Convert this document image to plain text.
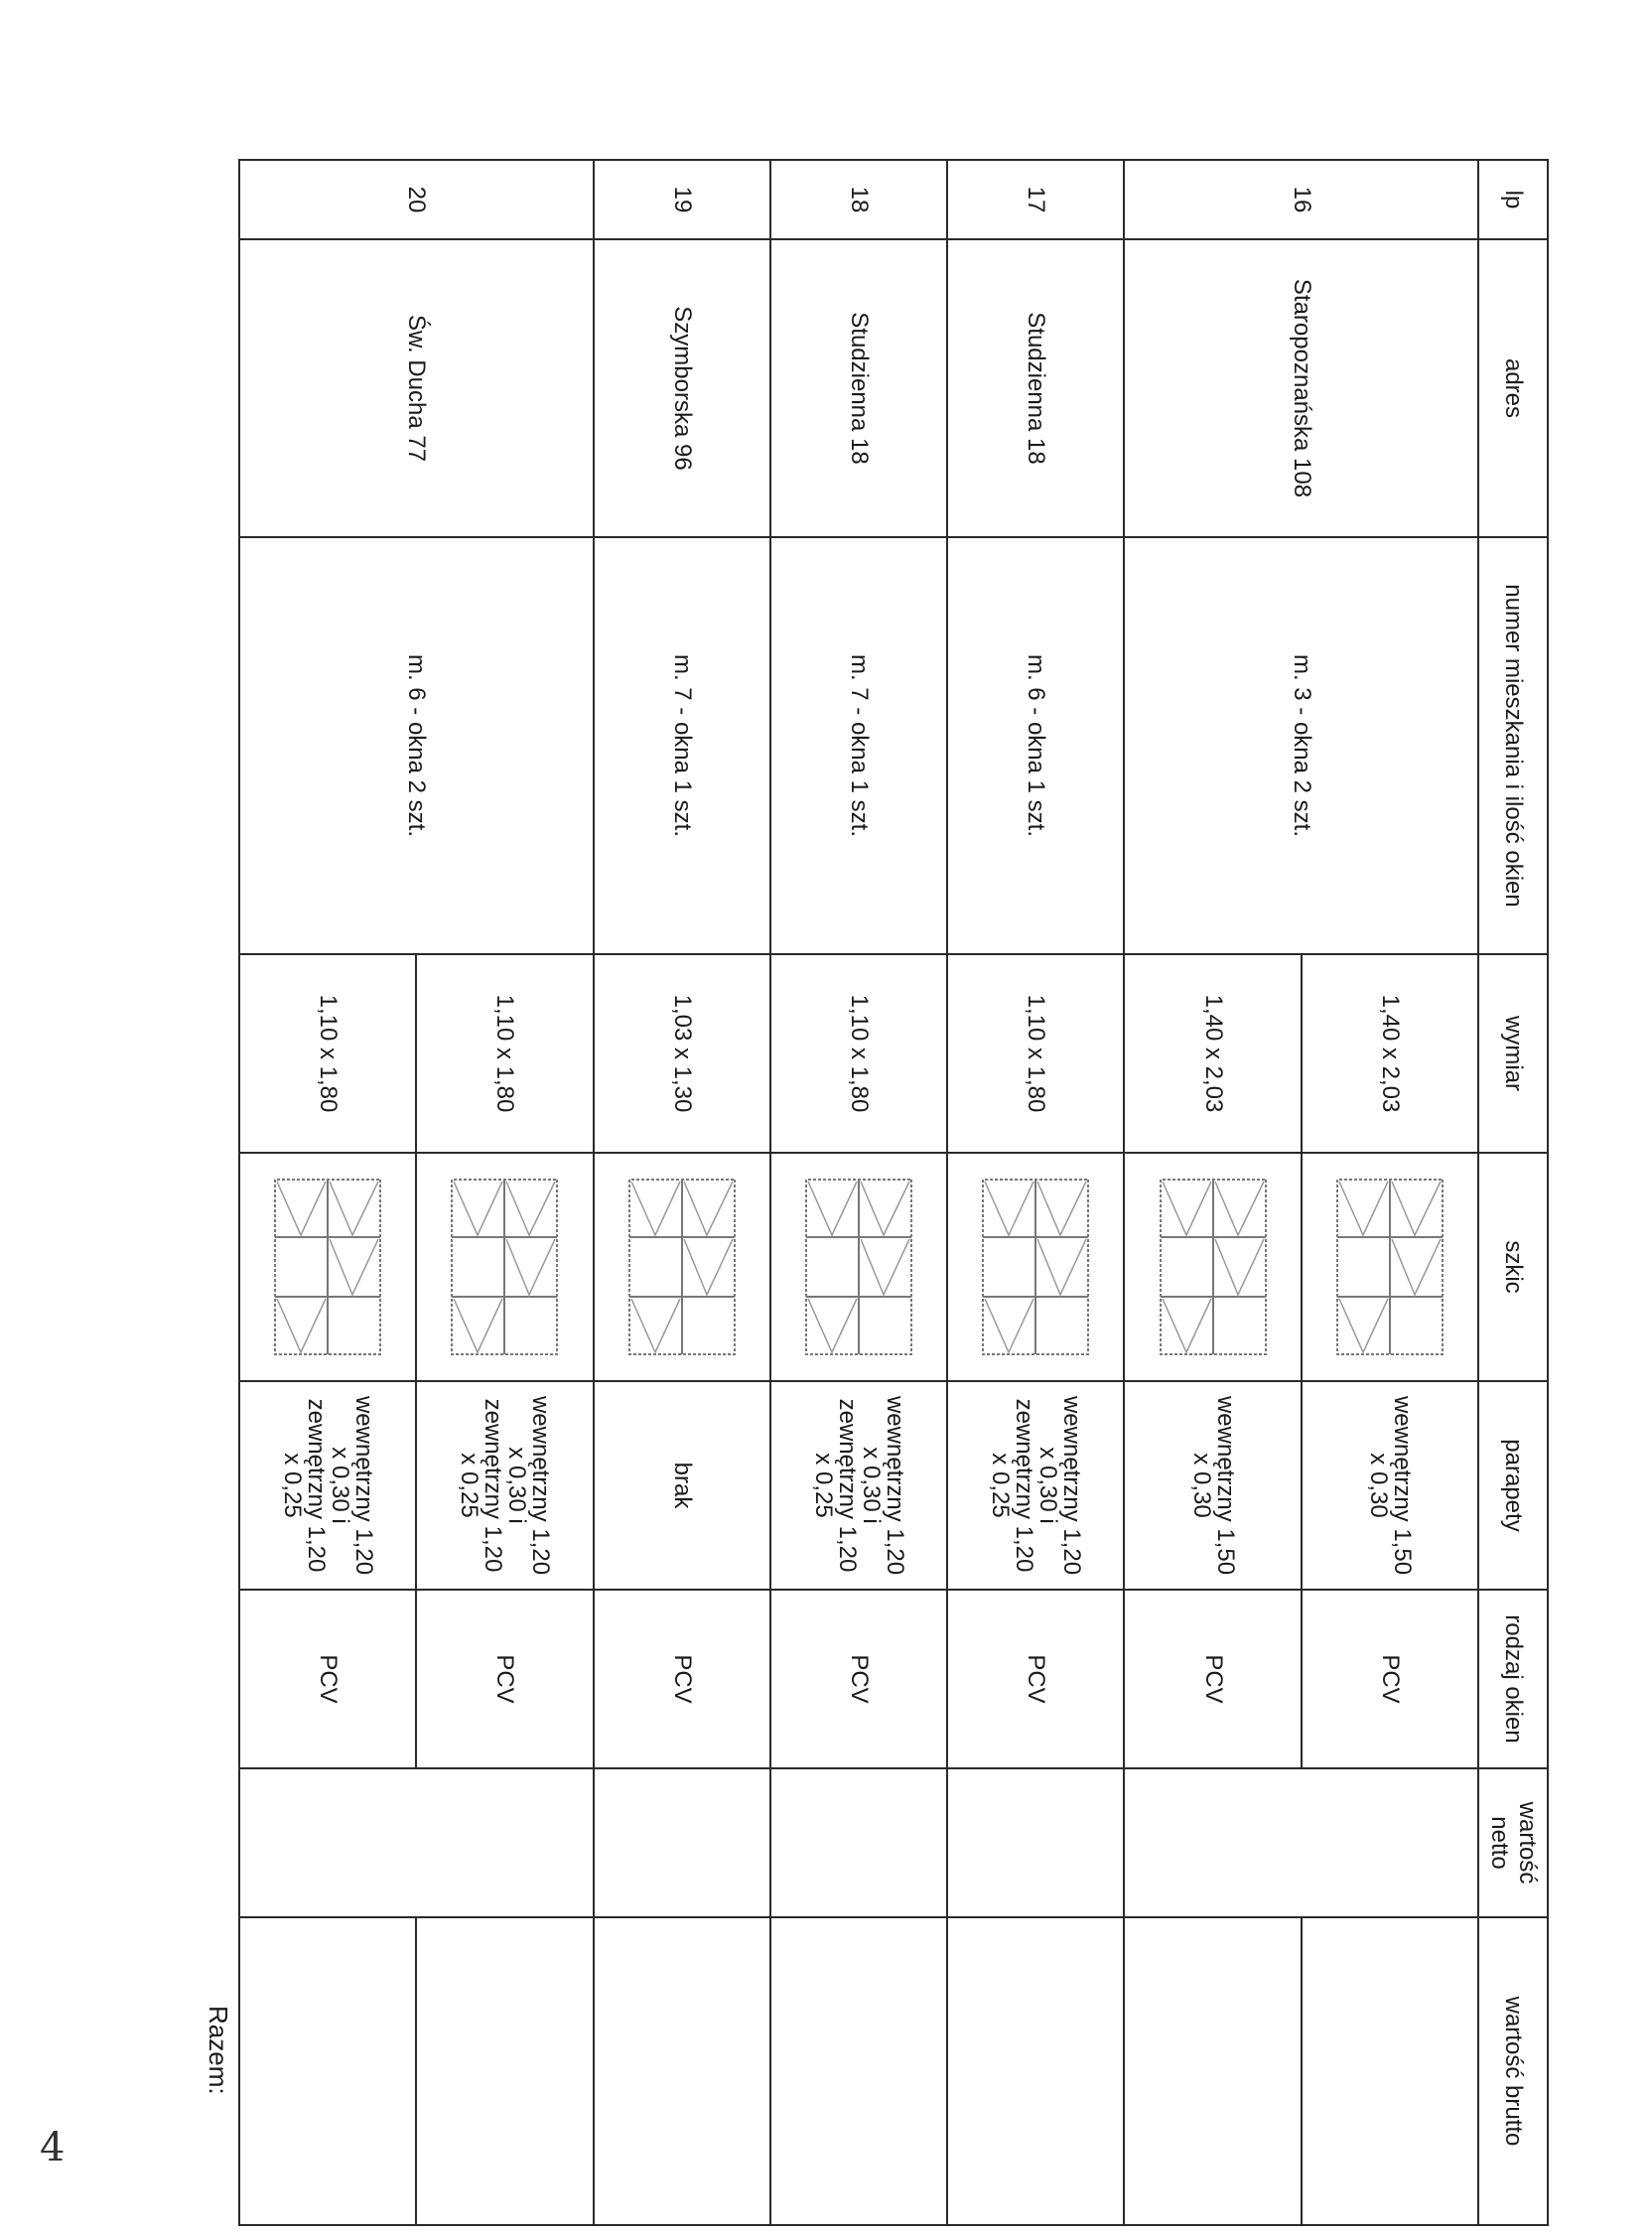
lp	adres	numer mieszkania i ilość okien	wymiar	szkic	parapety	rodzaj okien	wartość netto	wartość brutto
16	Staropoznańska 108	m. 3 - okna 2 szt.	1,40 x 2,03		wewnętrzny 1,50 x 0,30	PCV		
			1,40 x 2,03		wewnętrzny 1,50 x 0,30	PCV		
17	Studzienna 18	m. 6 - okna 1 szt.	1,10 x 1,80		wewnętrzny 1,20 x 0,30 i zewnętrzny 1,20 x 0,25	PCV		
18	Studzienna 18	m. 7 - okna 1 szt.	1,10 x 1,80		wewnętrzny 1,20 x 0,30 i zewnętrzny 1,20 x 0,25	PCV		
19	Szymborska 96	m. 7 - okna 1 szt.	1,03 x 1,30		brak	PCV		
20	Św. Ducha 77	m. 6 - okna 2 szt.	1,10 x 1,80		wewnętrzny 1,20 x 0,30 i zewnętrzny 1,20 x 0,25	PCV		
			1,10 x 1,80		wewnętrzny 1,20 x 0,30 i zewnętrzny 1,20 x 0,25	PCV		
Razem:
4
